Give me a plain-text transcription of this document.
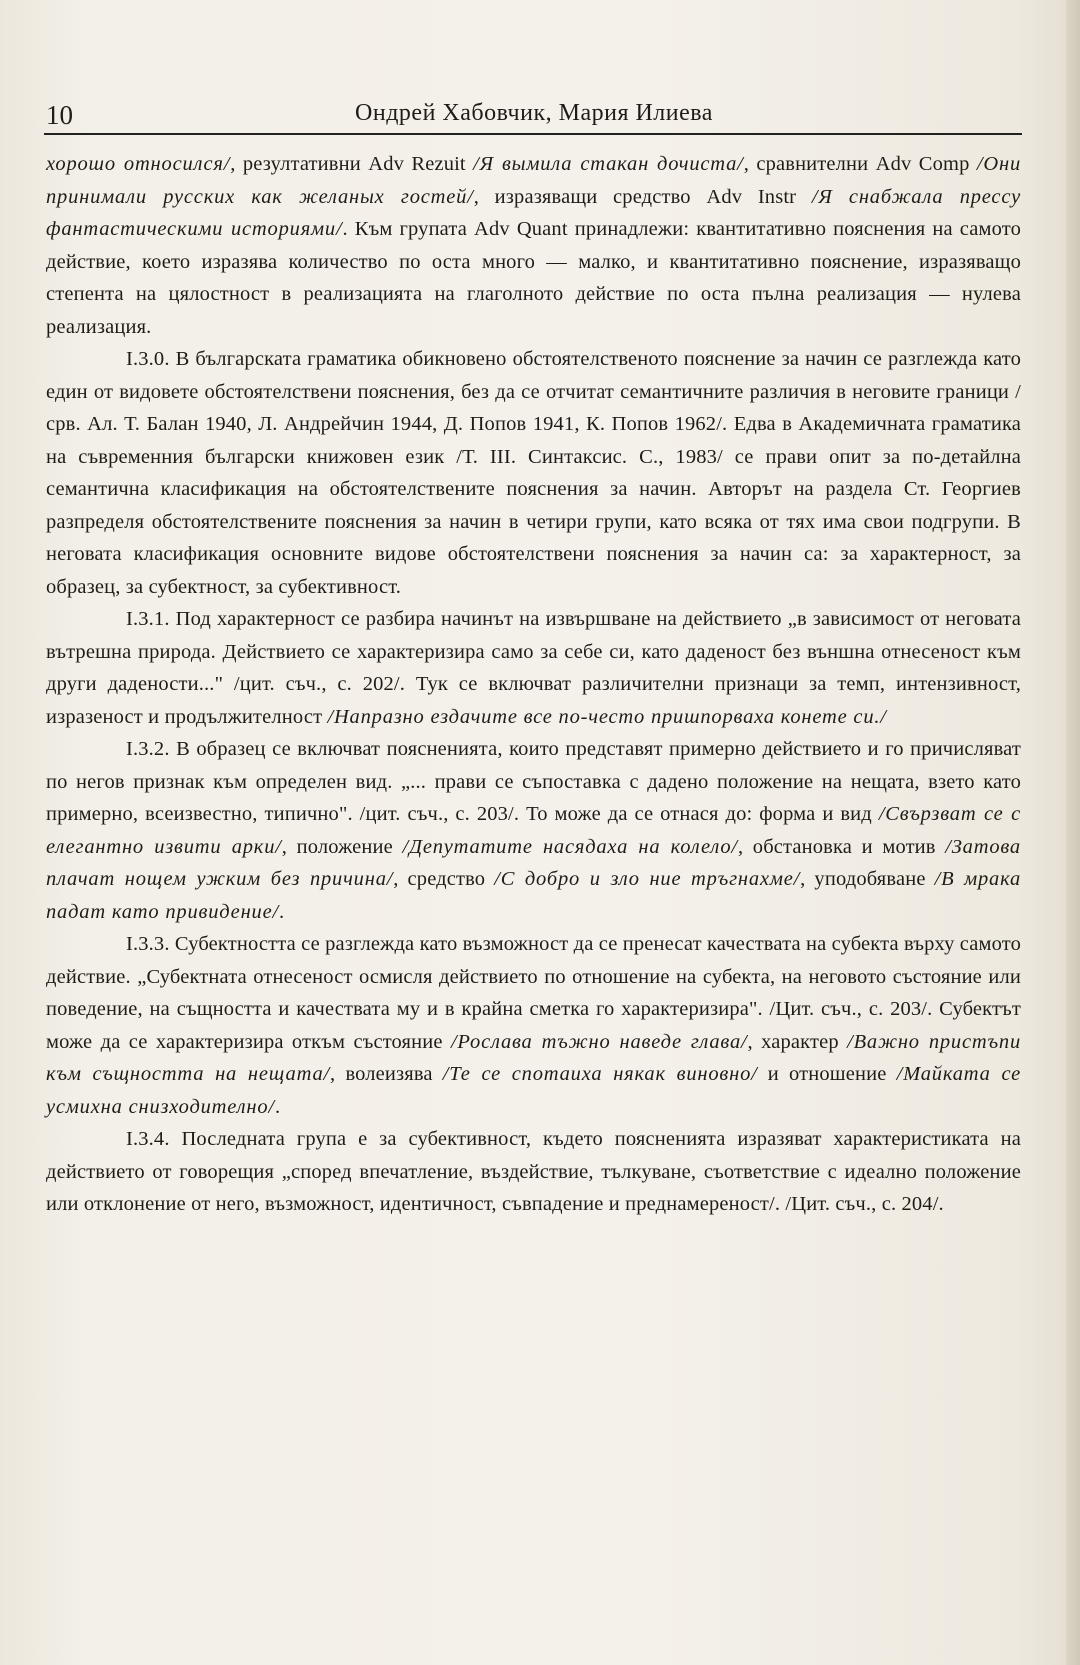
10	Ондрей Хабовчик, Мария Илиева

хорошо относился/, резултативни Adv Rezuit /Я вымила стакан дочиста/, сравнителни Adv Comp /Они принимали русских как желаных гостей/, изразяващи средство Adv Instr /Я снабжала прессу фантастическими историями/. Към групата Adv Quant принадлежи: квантитативно пояснения на самото действие, което изразява количество по оста много — малко, и квантитативно пояснение, изразяващо степента на цялостност в реализацията на глаголното действие по оста пълна реализация — нулева реализация.

I.3.0. В българската граматика обикновено обстоятелственото пояснение за начин се разглежда като един от видовете обстоятелствени пояснения, без да се отчитат семантичните различия в неговите граници /срв. Ал. Т. Балан 1940, Л. Андрейчин 1944, Д. Попов 1941, К. Попов 1962/. Едва в Академичната граматика на съвременния български книжовен език /Т. III. Синтаксис. С., 1983/ се прави опит за по-детайлна семантична класификация на обстоятелствените пояснения за начин. Авторът на раздела Ст. Георгиев разпределя обстоятелствените пояснения за начин в четири групи, като всяка от тях има свои подгрупи. В неговата класификация основните видове обстоятелствени пояснения за начин са: за характерност, за образец, за субектност, за субективност.

I.3.1. Под характерност се разбира начинът на извършване на действието „в зависимост от неговата вътрешна природа. Действието се характеризира само за себе си, като даденост без външна отнесеност към други дадености..." /цит. съч., с. 202/. Тук се включват различителни признаци за темп, интензивност, изразеност и продължителност /Напразно ездачите все по-често пришпорваха конете си./

I.3.2. В образец се включват поясненията, които представят примерно действието и го причисляват по негов признак към определен вид. „... прави се съпоставка с дадено положение на нещата, взето като примерно, всеизвестно, типично". /цит. съч., с. 203/. То може да се отнася до: форма и вид /Свързват се с елегантно извити арки/, положение /Депутатите насядаха на колело/, обстановка и мотив /Затова плачат нощем ужким без причина/, средство /С добро и зло ние тръгнахме/, уподобяване /В мрака падат като привидение/.

I.3.3. Субектността се разглежда като възможност да се пренесат качествата на субекта върху самото действие. „Субектната отнесеност осмисля действието по отношение на субекта, на неговото състояние или поведение, на същността и качествата му и в крайна сметка го характеризира". /Цит. съч., с. 203/. Субектът може да се характеризира откъм състояние /Рослава тъжно наведе глава/, характер /Важно пристъпи към същността на нещата/, волеизява /Те се спотаиха някак виновно/ и отношение /Майката се усмихна снизходително/.

I.3.4. Последната група е за субективност, където поясненията изразяват характеристиката на действието от говорещия „според впечатление, въздействие, тълкуване, съответствие с идеално положение или отклонение от него, възможност, идентичност, съвпадение и преднамереност/. /Цит. съч., с. 204/.
